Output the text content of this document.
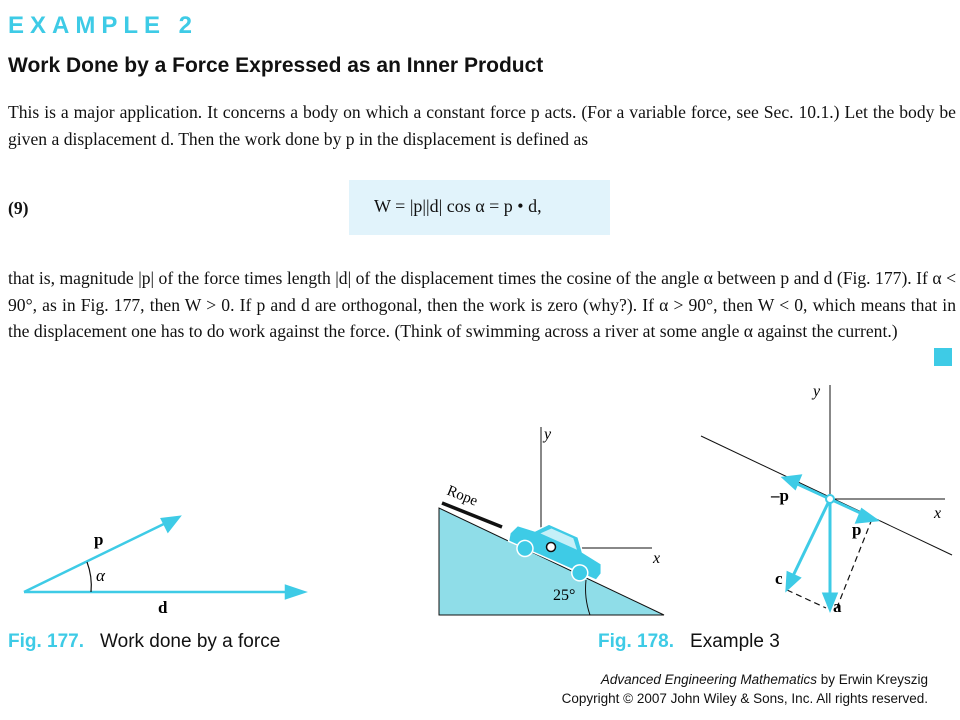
EXAMPLE 2
Work Done by a Force Expressed as an Inner Product
This is a major application. It concerns a body on which a constant force p acts. (For a variable force, see Sec. 10.1.) Let the body be given a displacement d. Then the work done by p in the displacement is defined as
(9)	W = |p||d| cos α = p • d,
that is, magnitude |p| of the force times length |d| of the displacement times the cosine of the angle α between p and d (Fig. 177). If α < 90°, as in Fig. 177, then W > 0. If p and d are orthogonal, then the work is zero (why?). If α > 90°, then W < 0, which means that in the displacement one has to do work against the force. (Think of swimming across a river at some angle α against the current.)
p
α
d
y
x
Rope
25°
y
x
–p
p
c
a
Fig. 177. Work done by a force	Fig. 178. Example 3
Advanced Engineering Mathematics by Erwin Kreyszig
Copyright © 2007 John Wiley & Sons, Inc. All rights reserved.
